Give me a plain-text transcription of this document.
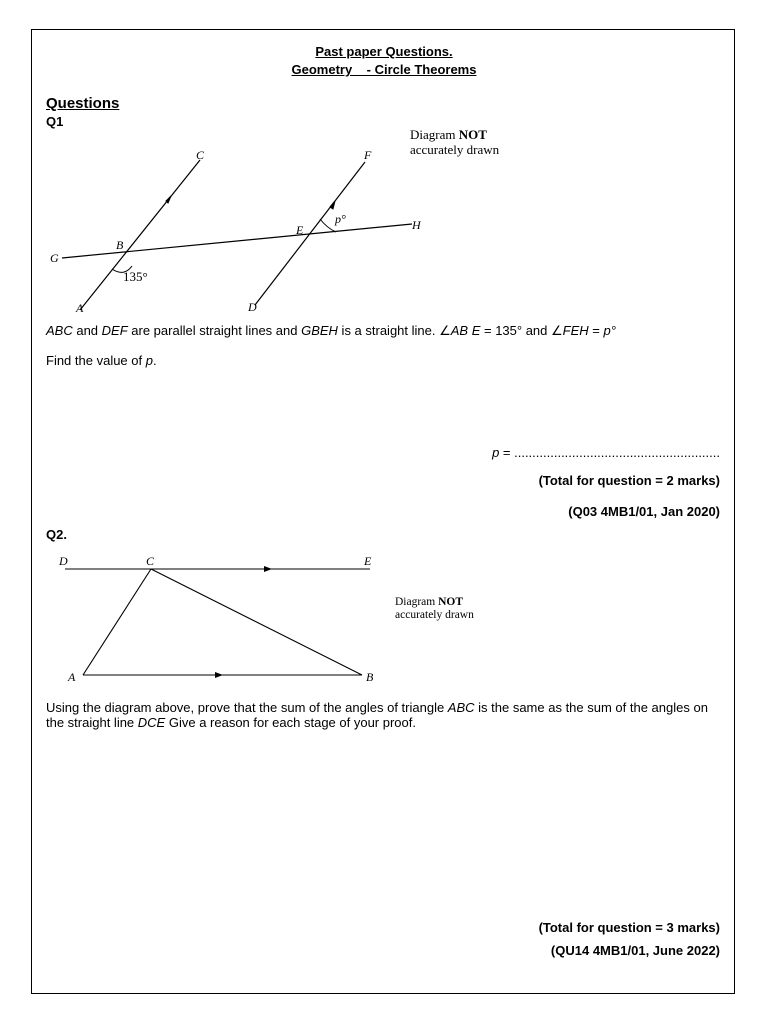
Past paper Questions.

Geometry    - Circle Theorems

Questions

Q1

Diagram NOT
accurately drawn
C	F
G
B
E	H
A	D
135°
p°

ABC and DEF are parallel straight lines and GBEH is a straight line. ∠AB E = 135° and ∠FEH = p°

Find the value of p.

p = .........................................................

(Total for question = 2 marks)

(Q03 4MB1/01, Jan 2020)

Q2.

D	C	E
A	B
Diagram NOT
accurately drawn

Using the diagram above, prove that the sum of the angles of triangle ABC is the same as the sum of the angles on the straight line DCE Give a reason for each stage of your proof.

(Total for question = 3 marks)

(QU14 4MB1/01, June 2022)
